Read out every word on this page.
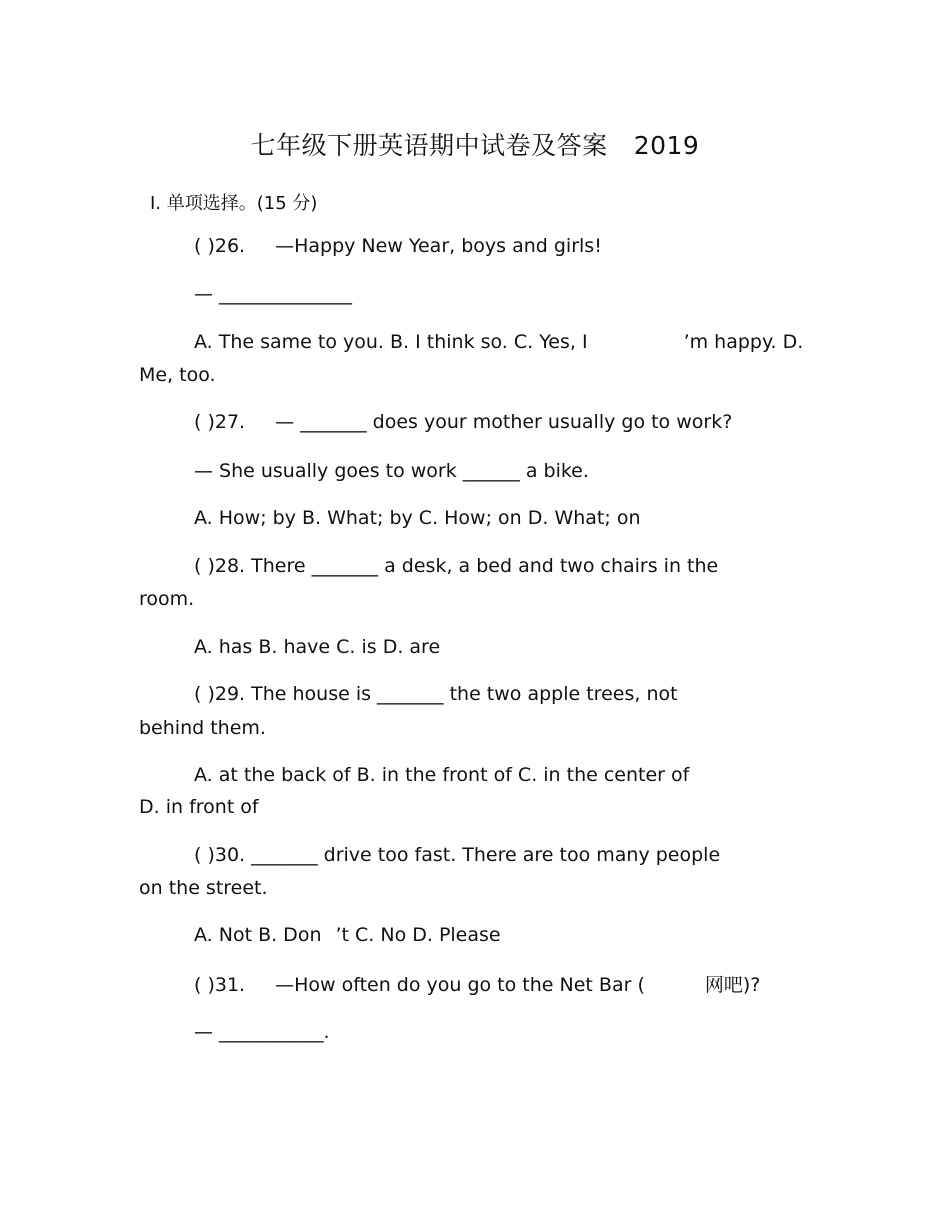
七年级下册英语期中试卷及答案 2019
I. 单项选择。(15 分)
( )26. —Happy New Year, boys and girls!
— ______________
A. The same to you. B. I think so. C. Yes, I	’m happy. D.
Me, too.
( )27. — _______ does your mother usually go to work?
— She usually goes to work ______ a bike.
A. How; by B. What; by C. How; on D. What; on
( )28. There _______ a desk, a bed and two chairs in the
room.
A. has B. have C. is D. are
( )29. The house is _______ the two apple trees, not
behind them.
A. at the back of B. in the front of C. in the center of
D. in front of
( )30. _______ drive too fast. There are too many people
on the street.
A. Not B. Don ’t C. No D. Please
( )31. —How often do you go to the Net Bar (	网吧)?
— ___________.
